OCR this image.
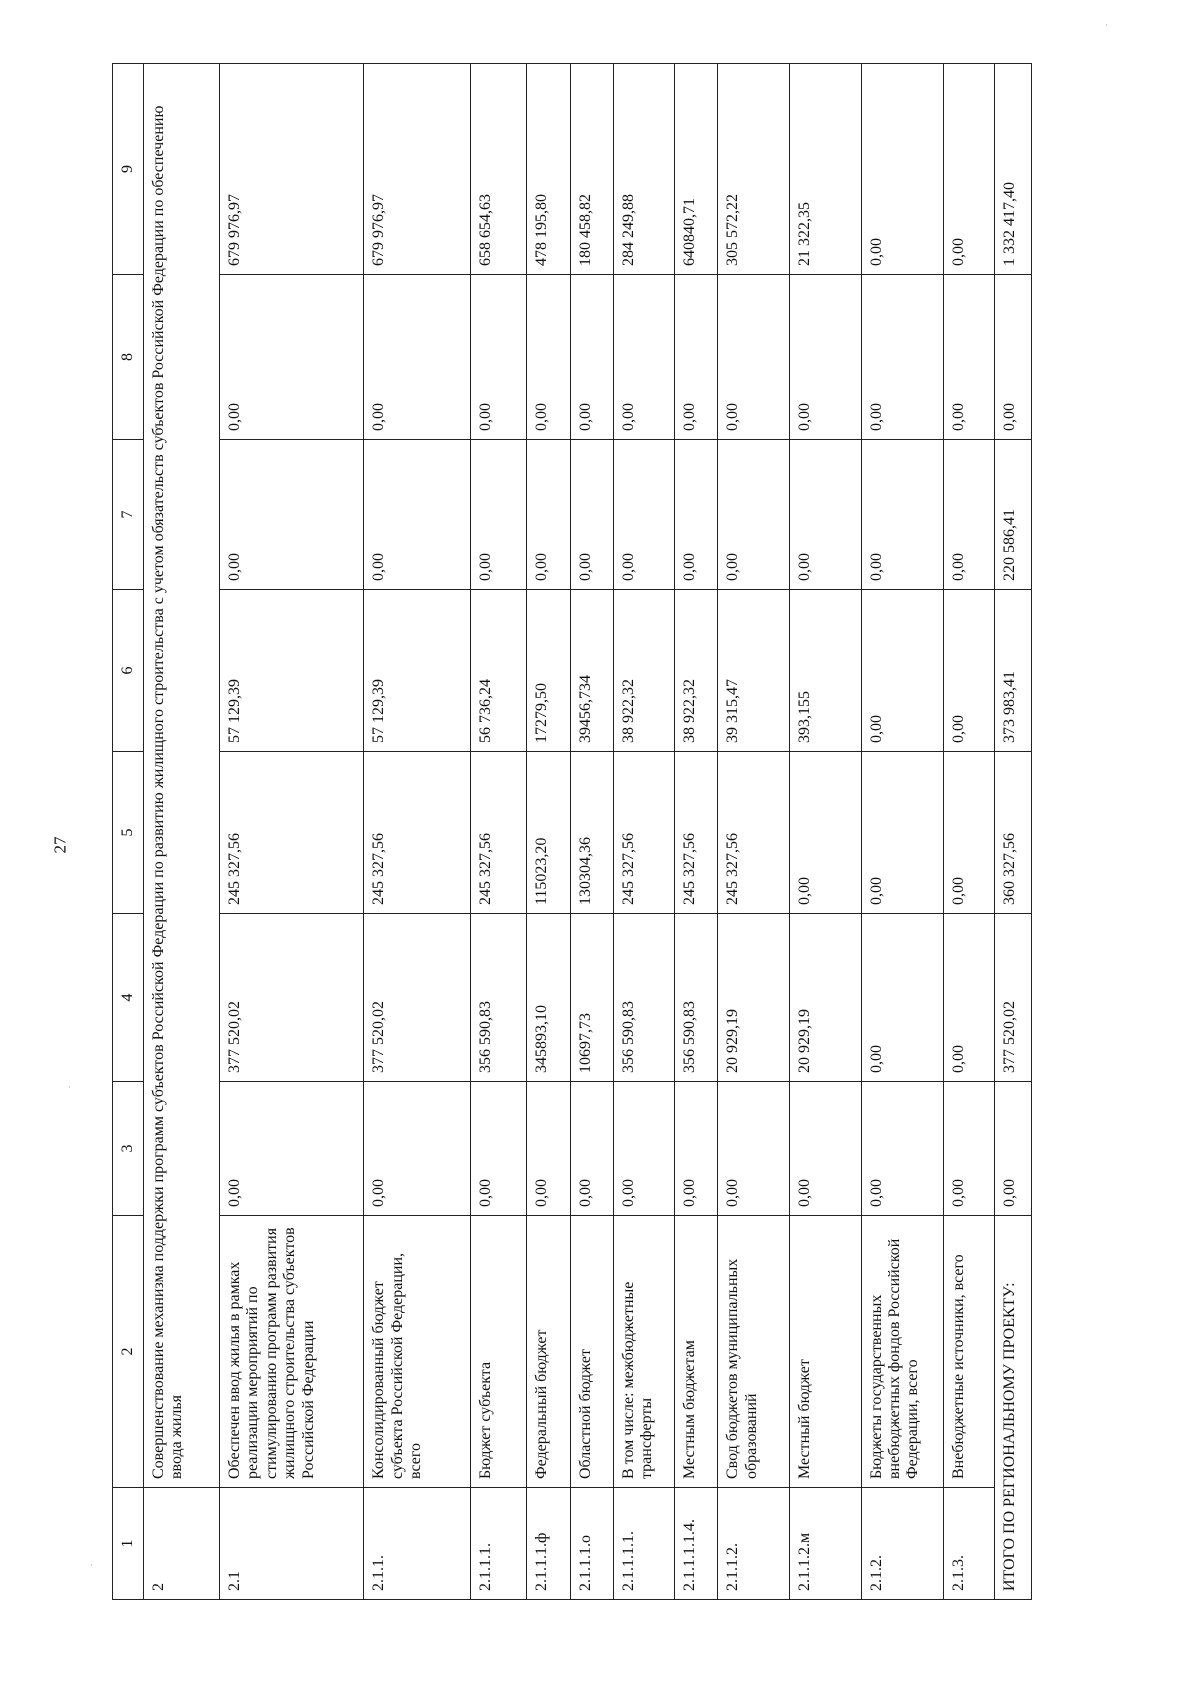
27
·
·
·
1	2	3	4	5	6	7	8	9
2	Совершенствование механизма поддержки программ субъектов Российской Федерации по развитию жилищного строительства с учетом обязательств субъектов Российской Федерации по обеспечению ввода жилья							
2.1	Обеспечен ввод жилья в рамках реализации мероприятий по стимулированию программ развития жилищного строительства субъектов Российской Федерации	0,00	377 520,02	245 327,56	57 129,39	0,00	0,00	679 976,97
2.1.1.	Консолидированный бюджет субъекта Российской Федерации, всего	0,00	377 520,02	245 327,56	57 129,39	0,00	0,00	679 976,97
2.1.1.1.	Бюджет субъекта	0,00	356 590,83	245 327,56	56 736,24	0,00	0,00	658 654,63
2.1.1.1.ф	Федеральный бюджет	0,00	345893,10	115023,20	17279,50	0,00	0,00	478 195,80
2.1.1.1.о	Областной бюджет	0,00	10697,73	130304,36	39456,734	0,00	0,00	180 458,82
2.1.1.1.1.	В том числе: межбюджетные трансферты	0,00	356 590,83	245 327,56	38 922,32	0,00	0,00	284 249,88
2.1.1.1.1.4.	Местным бюджетам	0,00	356 590,83	245 327,56	38 922,32	0,00	0,00	640840,71
2.1.1.2.	Свод бюджетов муниципальных образований	0,00	20 929,19	245 327,56	39 315,47	0,00	0,00	305 572,22
2.1.1.2.м	Местный бюджет	0,00	20 929,19	0,00	393,155	0,00	0,00	21 322,35
2.1.2.	Бюджеты государственных внебюджетных фондов Российской Федерации, всего	0,00	0,00	0,00	0,00	0,00	0,00	0,00
2.1.3.	Внебюджетные источники, всего	0,00	0,00	0,00	0,00	0,00	0,00	0,00
ИТОГО ПО РЕГИОНАЛЬНОМУ ПРОЕКТУ:		0,00	377 520,02	360 327,56	373 983,41	220 586,41	0,00	1 332 417,40
